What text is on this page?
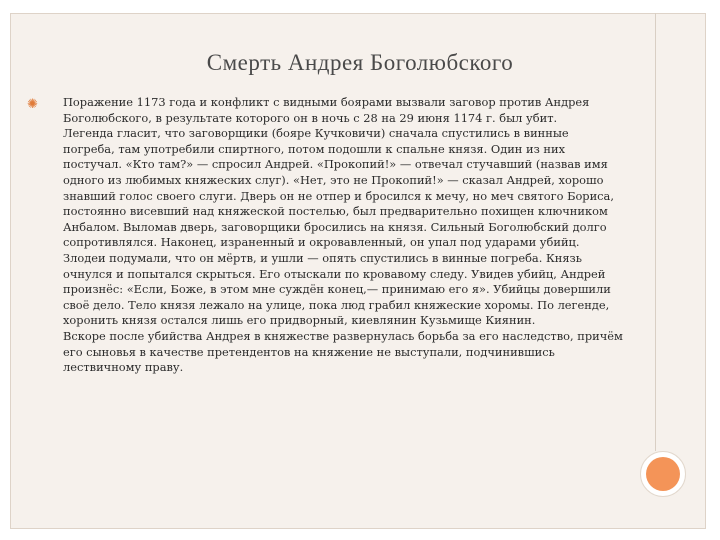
Смерть Андрея Боголюбского
✺ Поражение 1173 года и конфликт с видными боярами вызвали заговор против Андрея Боголюбского, в результате которого он в ночь с 28 на 29 июня 1174 г. был убит.
Легенда гласит, что заговорщики (бояре Кучковичи) сначала спустились в винные погреба, там употребили спиртного, потом подошли к спальне князя. Один из них постучал. «Кто там?» — спросил Андрей. «Прокопий!» — отвечал стучавший (назвав имя одного из любимых княжеских слуг). «Нет, это не Прокопий!» — сказал Андрей, хорошо знавший голос своего слуги. Дверь он не отпер и бросился к мечу, но меч святого Бориса, постоянно висевший над княжеской постелью, был предварительно похищен ключником Анбалом. Выломав дверь, заговорщики бросились на князя. Сильный Боголюбский долго сопротивлялся. Наконец, израненный и окровавленный, он упал под ударами убийц. Злодеи подумали, что он мёртв, и ушли — опять спустились в винные погреба. Князь очнулся и попытался скрыться. Его отыскали по кровавому следу. Увидев убийц, Андрей произнёс: «Если, Боже, в этом мне суждён конец,— принимаю его я». Убийцы довершили своё дело. Тело князя лежало на улице, пока люд грабил княжеские хоромы. По легенде, хоронить князя остался лишь его придворный, киевлянин Кузьмище Киянин.
Вскоре после убийства Андрея в княжестве развернулась борьба за его наследство, причём его сыновья в качестве претендентов на княжение не выступали, подчинившись лествичному праву.
